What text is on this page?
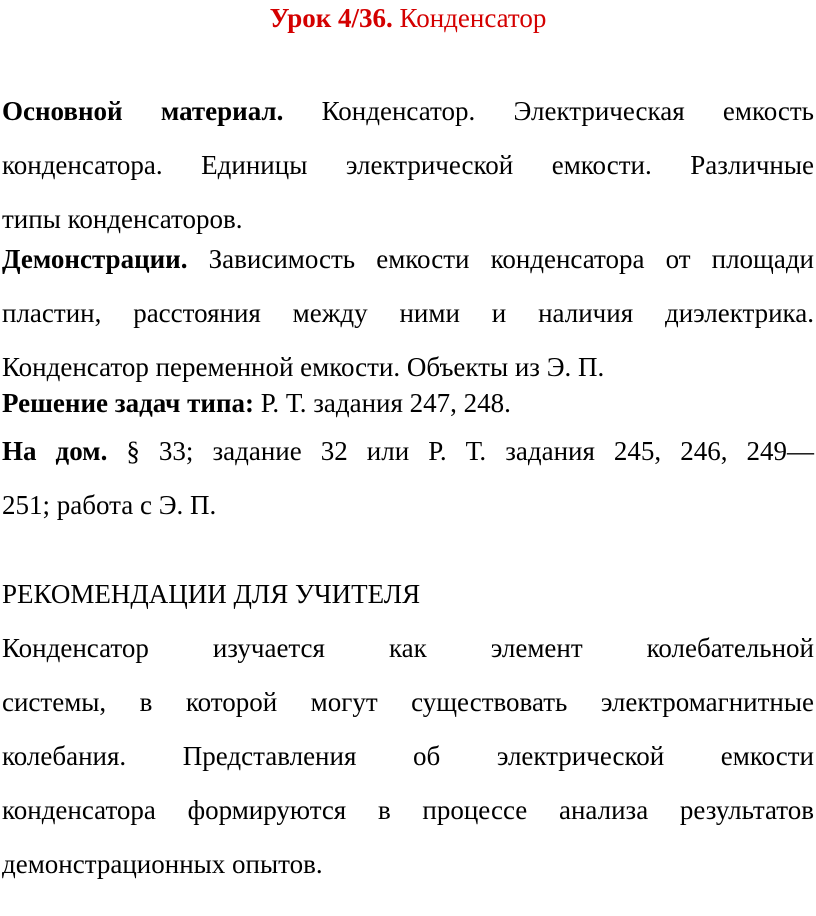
Урок 4/36. Конденсатор
Основной материал. Конденсатор. Электрическая емкость
конденсатора. Единицы электрической емкости. Различные
типы конденсаторов.
Демонстрации. Зависимость емкости конденсатора от площади
пластин, расстояния между ними и наличия диэлектрика.
Конденсатор переменной емкости. Объекты из Э. П.
Решение задач типа: Р. Т. задания 247, 248.
На дом. § 33; задание 32 или Р. Т. задания 245, 246, 249—
251; работа с Э. П.
РЕКОМЕНДАЦИИ ДЛЯ УЧИТЕЛЯ
Конденсатор изучается как элемент колебательной
системы, в которой могут существовать электромагнитные
колебания. Представления об электрической емкости
конденсатора формируются в процессе анализа результатов
демонстрационных опытов.
